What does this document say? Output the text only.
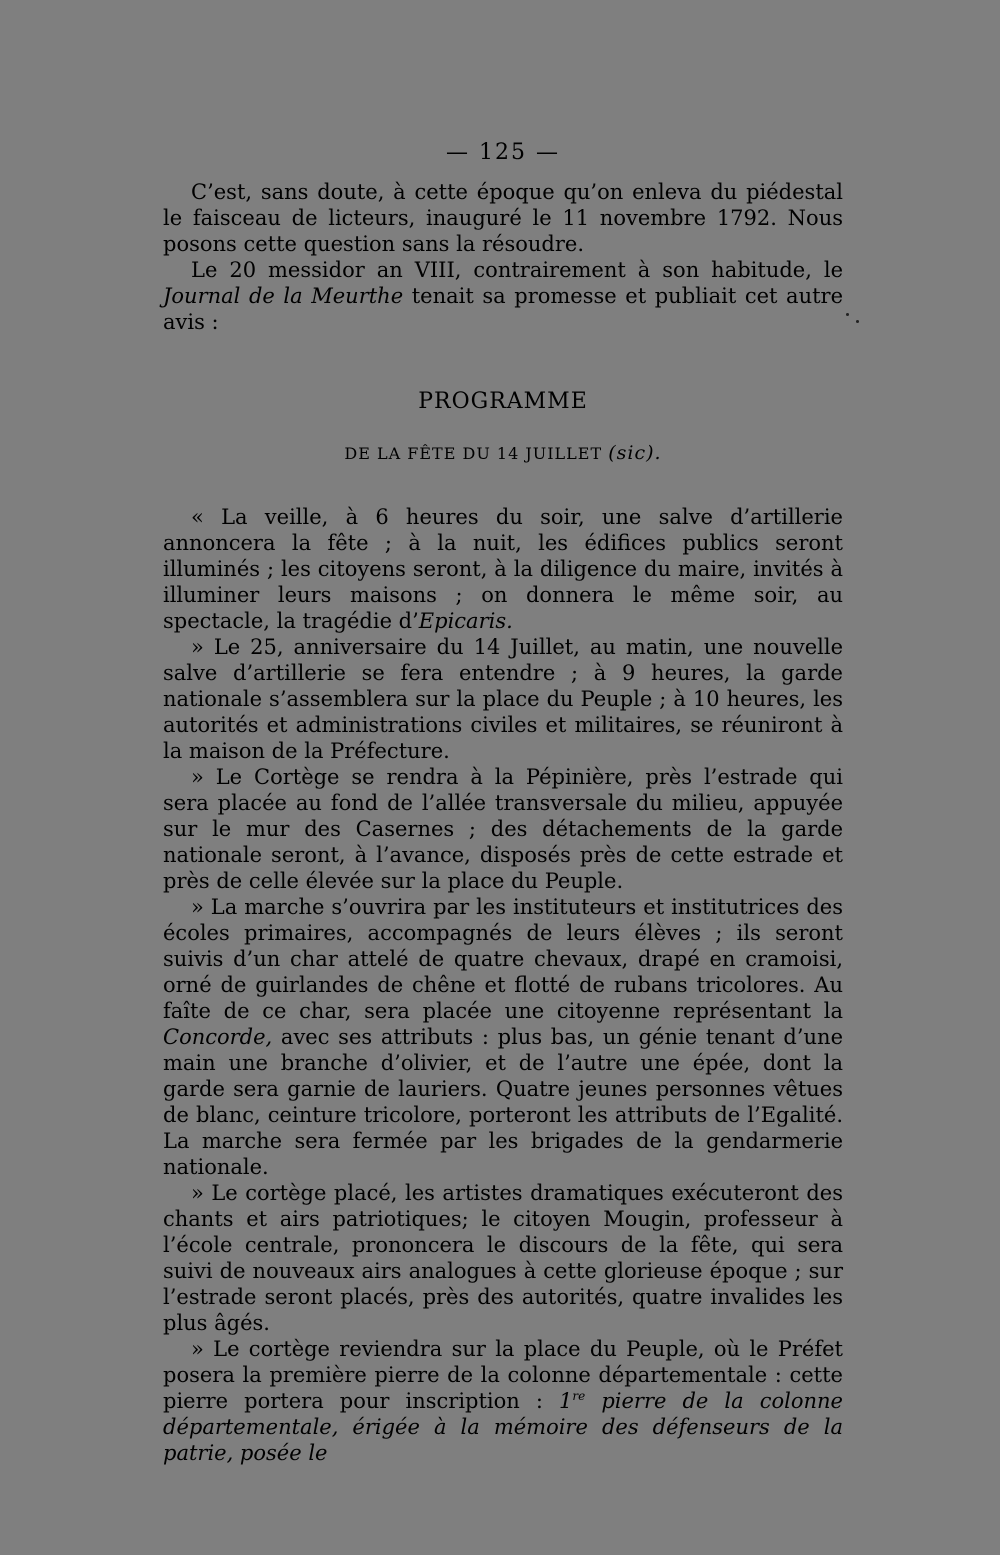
— 125 —

C’est, sans doute, à cette époque qu’on enleva du piédestal le faisceau de licteurs, inauguré le 11 novembre 1792. Nous posons cette question sans la résoudre.

Le 20 messidor an VIII, contrairement à son habitude, le Journal de la Meurthe tenait sa promesse et publiait cet autre avis :

PROGRAMME
DE LA FÊTE DU 14 JUILLET (sic).

« La veille, à 6 heures du soir, une salve d’artillerie annoncera la fête ; à la nuit, les édifices publics seront illuminés ; les citoyens seront, à la diligence du maire, invités à illuminer leurs maisons ; on donnera le même soir, au spectacle, la tragédie d’Epicaris.

» Le 25, anniversaire du 14 Juillet, au matin, une nouvelle salve d’artillerie se fera entendre ; à 9 heures, la garde nationale s’assemblera sur la place du Peuple ; à 10 heures, les autorités et administrations civiles et militaires, se réuniront à la maison de la Préfecture.

» Le Cortège se rendra à la Pépinière, près l’estrade qui sera placée au fond de l’allée transversale du milieu, appuyée sur le mur des Casernes ; des détachements de la garde nationale seront, à l’avance, disposés près de cette estrade et près de celle élevée sur la place du Peuple.

» La marche s’ouvrira par les instituteurs et institutrices des écoles primaires, accompagnés de leurs élèves ; ils seront suivis d’un char attelé de quatre chevaux, drapé en cramoisi, orné de guirlandes de chêne et flotté de rubans tricolores. Au faîte de ce char, sera placée une citoyenne représentant la Concorde, avec ses attributs : plus bas, un génie tenant d’une main une branche d’olivier, et de l’autre une épée, dont la garde sera garnie de lauriers. Quatre jeunes personnes vêtues de blanc, ceinture tricolore, porteront les attributs de l’Egalité. La marche sera fermée par les brigades de la gendarmerie nationale.

» Le cortège placé, les artistes dramatiques exécuteront des chants et airs patriotiques; le citoyen Mougin, professeur à l’école centrale, prononcera le discours de la fête, qui sera suivi de nouveaux airs analogues à cette glorieuse époque ; sur l’estrade seront placés, près des autorités, quatre invalides les plus âgés.

» Le cortège reviendra sur la place du Peuple, où le Préfet posera la première pierre de la colonne départementale : cette pierre portera pour inscription : 1re pierre de la colonne départementale, érigée à la mémoire des défenseurs de la patrie, posée le
